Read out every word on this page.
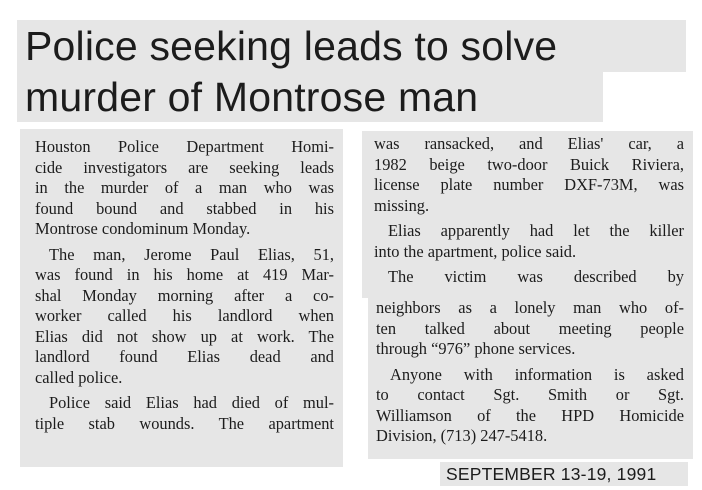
Police seeking leads to solve
murder of Montrose man
Houston Police Department Homi-
cide investigators are seeking leads
in the murder of a man who was
found bound and stabbed in his
Montrose condominum Monday.
The man, Jerome Paul Elias, 51,
was found in his home at 419 Mar-
shal Monday morning after a co-
worker called his landlord when
Elias did not show up at work. The
landlord found Elias dead and
called police.
Police said Elias had died of mul-
tiple stab wounds. The apartment
was ransacked, and Elias' car, a
1982 beige two-door Buick Riviera,
license plate number DXF-73M, was
missing.
Elias apparently had let the killer
into the apartment, police said.
The victim was described by
neighbors as a lonely man who of-
ten talked about meeting people
through “976” phone services.
Anyone with information is asked
to contact Sgt. Smith or Sgt.
Williamson of the HPD Homicide
Division, (713) 247-5418.
SEPTEMBER 13-19, 1991
